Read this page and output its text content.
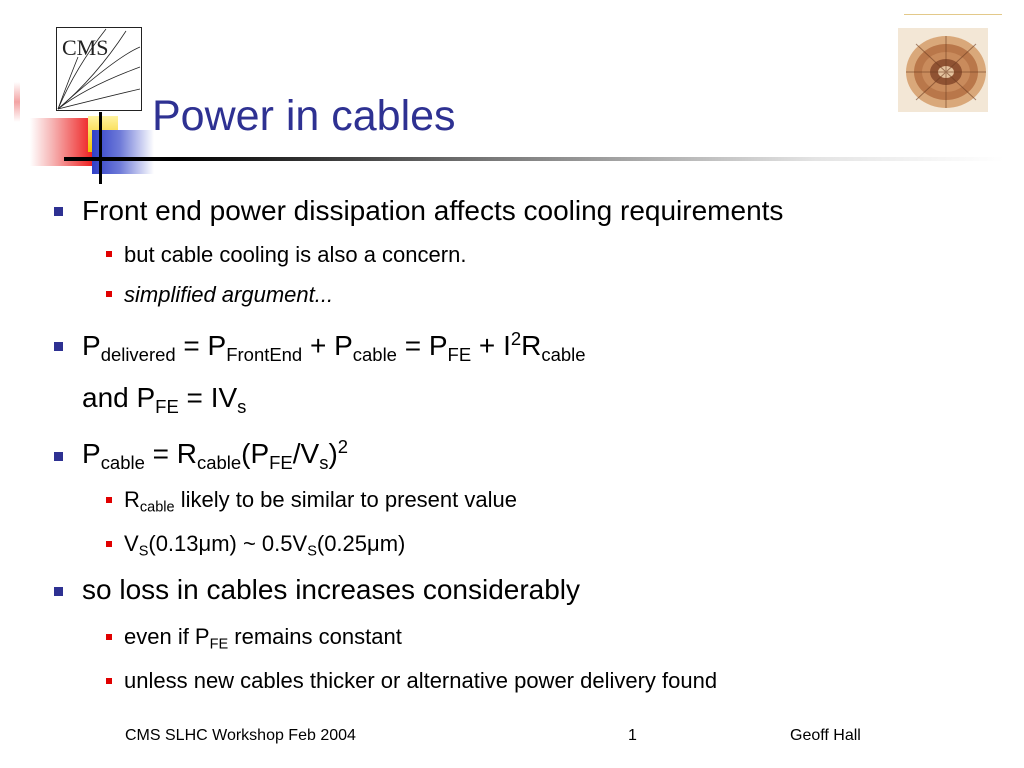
CMS
Power in cables
Front end power dissipation affects cooling requirements
but cable cooling is also a concern.
simplified argument...
$P_{delivered} = P_{FrontEnd} + P_{cable} = P_{FE} + I^2R_{cable}$
and $P_{FE} = IV_s$
$P_{cable} = R_{cable}(P_{FE}/V_s)^2$
$R_{cable}$ likely to be similar to present value
$V_S(0.13\mu m)$ ~ $0.5V_S(0.25\mu m)$
so loss in cables increases considerably
even if $P_{FE}$ remains constant
unless new cables thicker or alternative power delivery found
CMS SLHC Workshop Feb 2004	1	Geoff Hall
